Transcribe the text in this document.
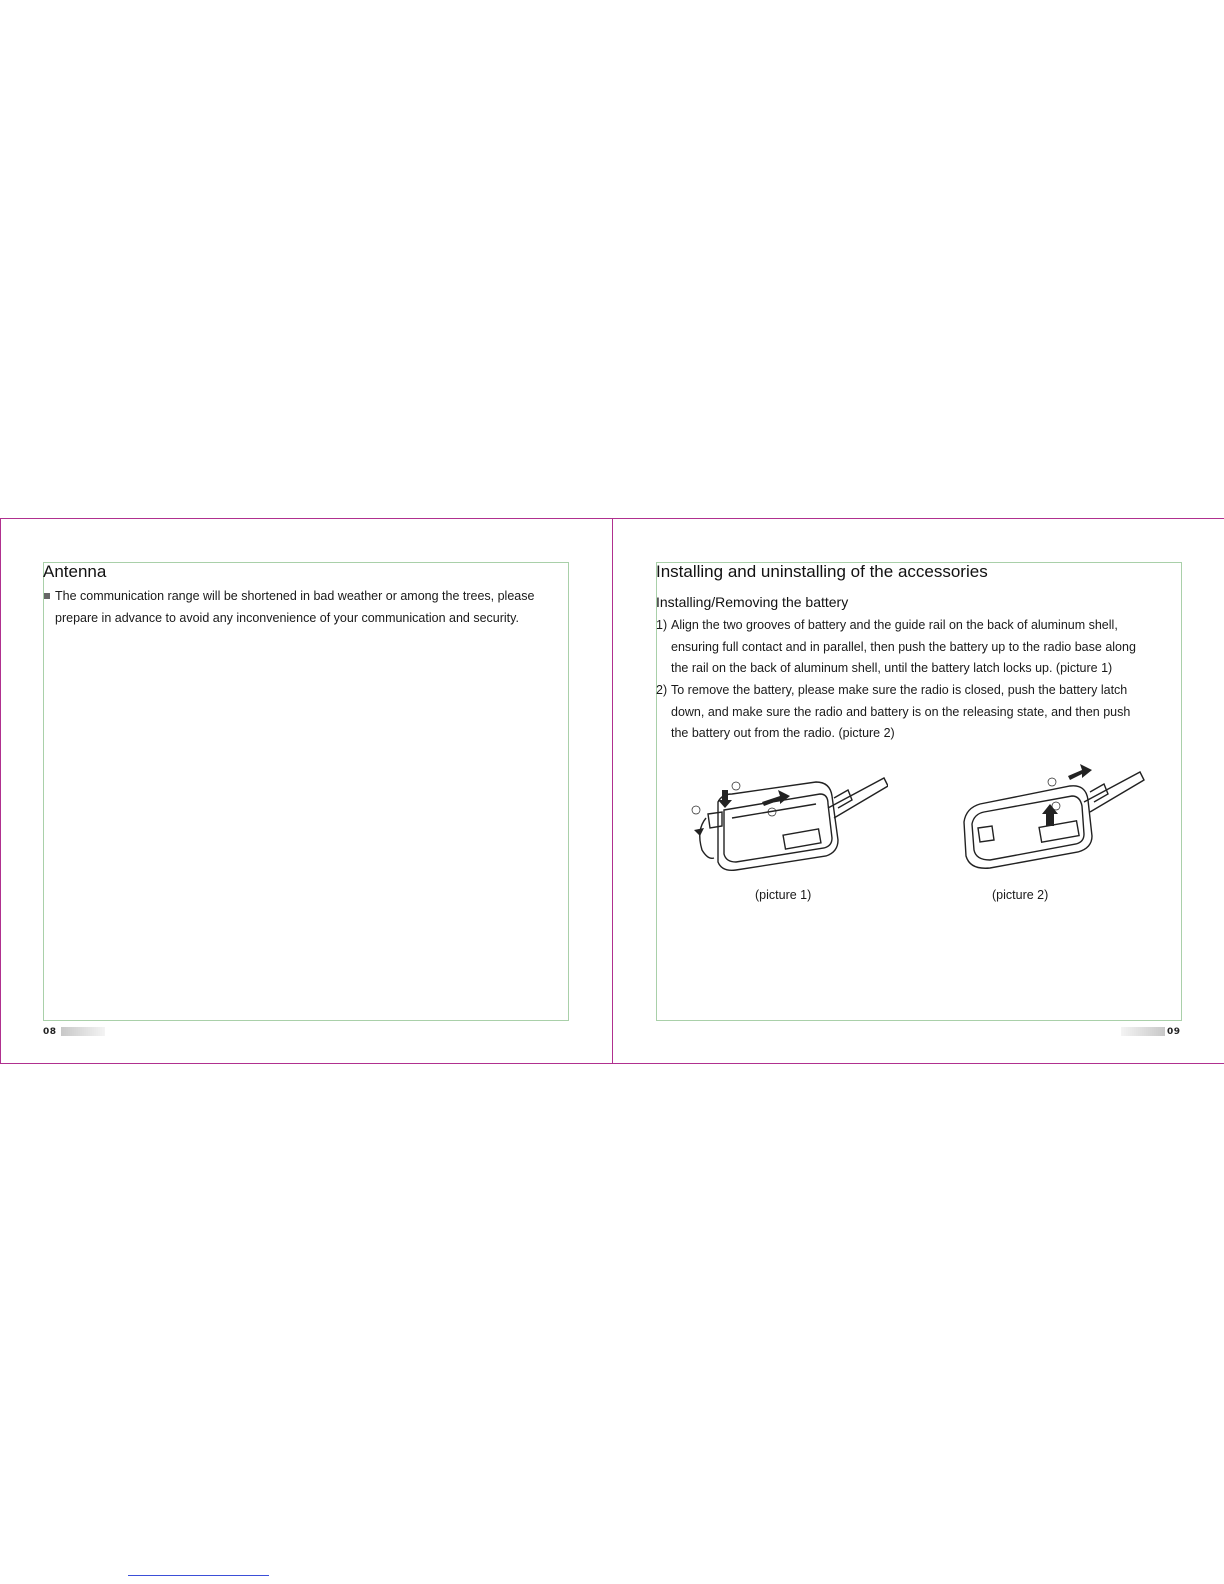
Antenna
The communication range will be shortened in bad weather or among the trees, please
prepare in advance to avoid any inconvenience of your communication and security.
08
Installing and uninstalling of the accessories
Installing/Removing the battery
1) Align the two grooves of battery and the guide rail on the back of aluminum shell,
ensuring full contact and in parallel, then push the battery up to the radio base along
the rail on the back of aluminum shell, until the battery latch locks up. (picture 1)
2) To remove the battery, please make sure the radio is closed, push the battery latch
down, and make sure the radio and battery is on the releasing state, and then push
the battery out from the radio. (picture 2)
(picture 1)	(picture 2)
09
